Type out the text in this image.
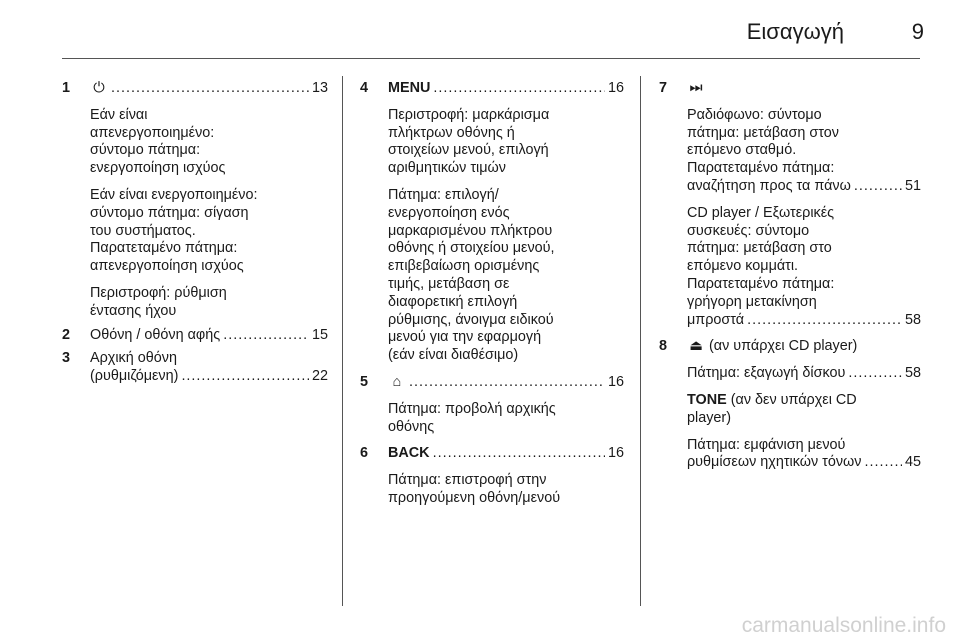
Εισαγωγή	9
1 ⏻ .....	13
Εάν είναι
απενεργοποιημένο:
σύντομο πάτημα:
ενεργοποίηση ισχύος
Εάν είναι ενεργοποιημένο:
σύντομο πάτημα: σίγαση
του συστήματος.
Παρατεταμένο πάτημα:
απενεργοποίηση ισχύος
Περιστροφή: ρύθμιση
έντασης ήχου
2 Οθόνη / οθόνη αφής .....	15
3 Αρχική οθόνη
(ρυθμιζόμενη) .....	22
4 MENU .....	16
Περιστροφή: μαρκάρισμα
πλήκτρων οθόνης ή
στοιχείων μενού, επιλογή
αριθμητικών τιμών
Πάτημα: επιλογή/
ενεργοποίηση ενός
μαρκαρισμένου πλήκτρου
οθόνης ή στοιχείου μενού,
επιβεβαίωση ορισμένης
τιμής, μετάβαση σε
διαφορετική επιλογή
ρύθμισης, άνοιγμα ειδικού
μενού για την εφαρμογή
(εάν είναι διαθέσιμο)
5	⌂ .....	16
Πάτημα: προβολή αρχικής
οθόνης
6 BACK .....	16
Πάτημα: επιστροφή στην
προηγούμενη οθόνη/μενού
7 ⏭
Ραδιόφωνο: σύντομο
πάτημα: μετάβαση στον
επόμενο σταθμό.
Παρατεταμένο πάτημα:
αναζήτηση προς τα πάνω .....	51
CD player / Εξωτερικές
συσκευές: σύντομο
πάτημα: μετάβαση στο
επόμενο κομμάτι.
Παρατεταμένο πάτημα:
γρήγορη μετακίνηση
μπροστά .....	58
8 ⏏ (αν υπάρχει CD player)
Πάτημα: εξαγωγή δίσκου .....	58
TONE (αν δεν υπάρχει CD
player)
Πάτημα: εμφάνιση μενού
ρυθμίσεων ηχητικών τόνων .....	45
carmanualsonline.info
